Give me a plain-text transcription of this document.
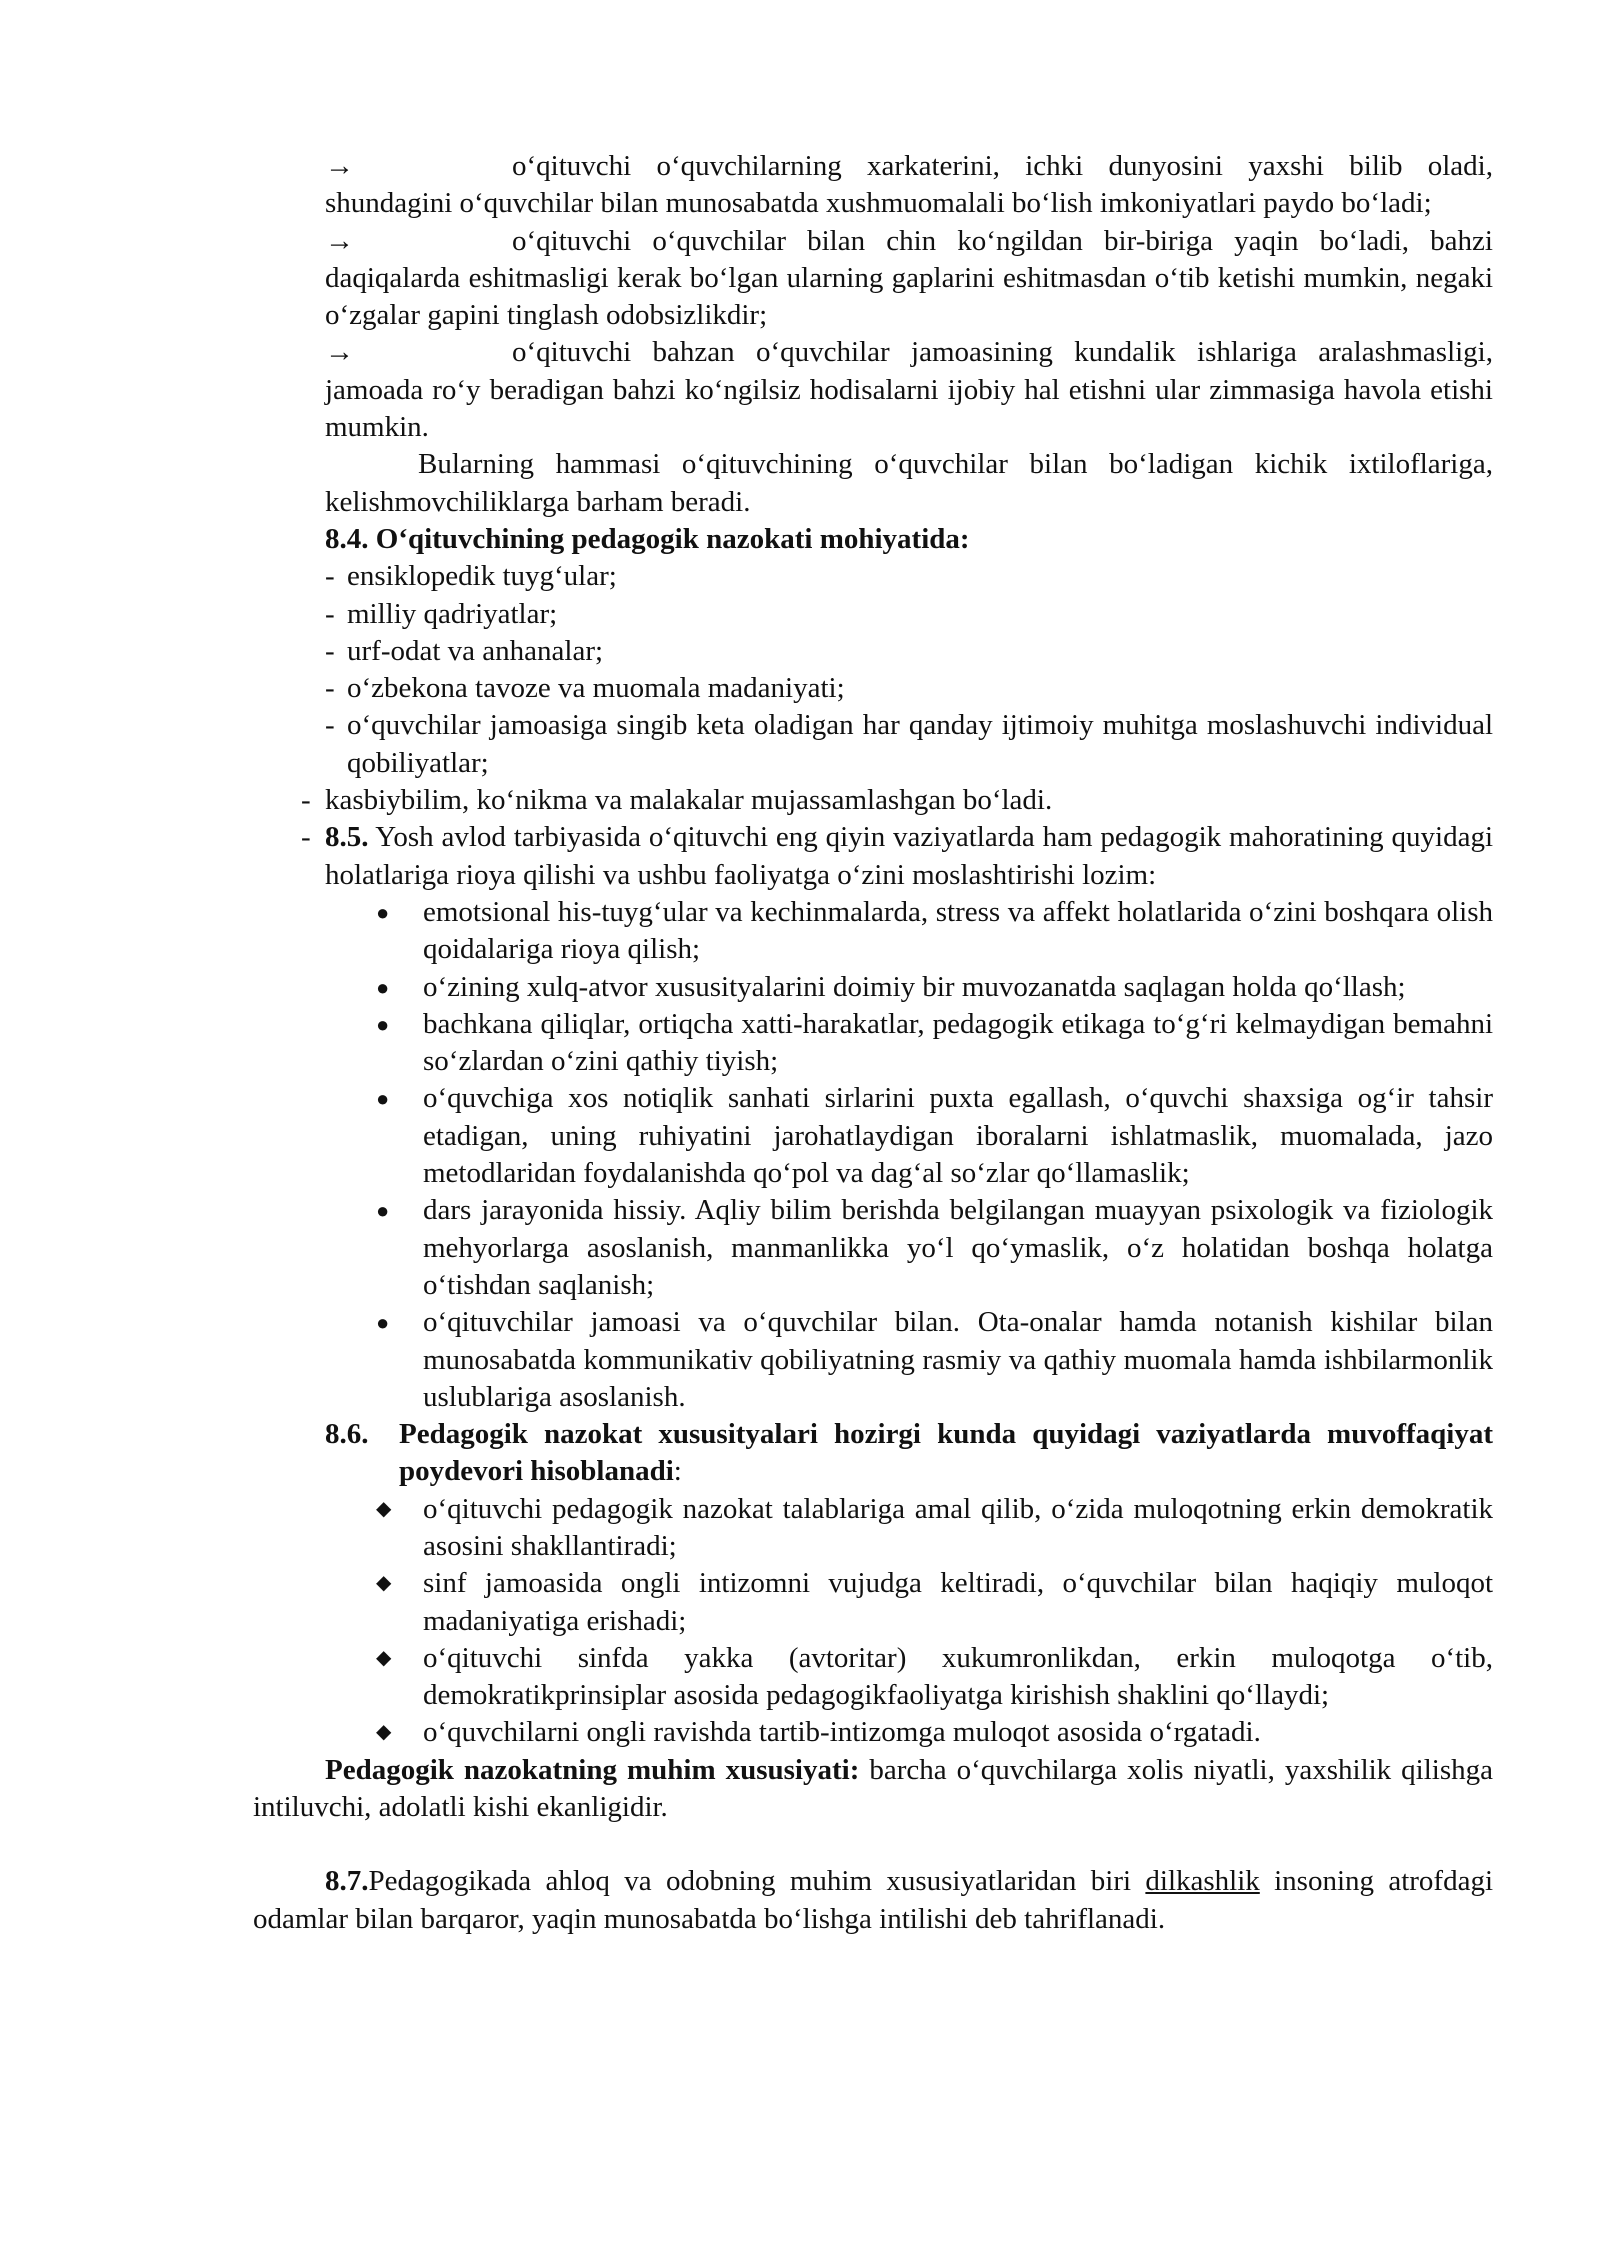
→	o‘qituvchi o‘quvchilarning xarkaterini, ichki dunyosini yaxshi bilib oladi, shundagini o‘quvchilar bilan munosabatda xushmuomalali bo‘lish imkoniyatlari paydo bo‘ladi;
→	o‘qituvchi o‘quvchilar bilan chin ko‘ngildan bir-biriga yaqin bo‘ladi, bahzi daqiqalarda eshitmasligi kerak bo‘lgan ularning gaplarini eshitmasdan o‘tib ketishi mumkin, negaki o‘zgalar gapini tinglash odobsizlikdir;
→	o‘qituvchi bahzan o‘quvchilar jamoasining kundalik ishlariga aralashmasligi, jamoada ro‘y beradigan bahzi ko‘ngilsiz hodisalarni ijobiy hal etishni ular zimmasiga havola etishi mumkin.

Bularning hammasi o‘qituvchining o‘quvchilar bilan bo‘ladigan kichik ixtiloflariga, kelishmovchiliklarga barham beradi.

8.4. O‘qituvchining pedagogik nazokati mohiyatida:

- ensiklopedik tuyg‘ular;
- milliy qadriyatlar;
- urf-odat va anhanalar;
- o‘zbekona tavoze va muomala madaniyati;
- o‘quvchilar jamoasiga singib keta oladigan har qanday ijtimoiy muhitga moslashuvchi individual qobiliyatlar;
- kasbiybilim, ko‘nikma va malakalar mujassamlashgan bo‘ladi.
- 8.5. Yosh avlod tarbiyasida o‘qituvchi eng qiyin vaziyatlarda ham pedagogik mahoratining quyidagi holatlariga rioya qilishi va ushbu faoliyatga o‘zini moslashtirishi lozim:
● emotsional his-tuyg‘ular va kechinmalarda, stress va affekt holatlarida o‘zini boshqara olish qoidalariga rioya qilish;
● o‘zining xulq-atvor xususityalarini doimiy bir muvozanatda saqlagan holda qo‘llash;
● bachkana qiliqlar, ortiqcha xatti-harakatlar, pedagogik etikaga to‘g‘ri kelmaydigan bemahni so‘zlardan o‘zini qathiy tiyish;
● o‘quvchiga xos notiqlik sanhati sirlarini puxta egallash, o‘quvchi shaxsiga og‘ir tahsir etadigan, uning ruhiyatini jarohatlaydigan iboralarni ishlatmaslik, muomalada, jazo metodlaridan foydalanishda qo‘pol va dag‘al so‘zlar qo‘llamaslik;
● dars jarayonida hissiy. Aqliy bilim berishda belgilangan muayyan psixologik va fiziologik mehyorlarga asoslanish, manmanlikka yo‘l qo‘ymaslik, o‘z holatidan boshqa holatga o‘tishdan saqlanish;
● o‘qituvchilar jamoasi va o‘quvchilar bilan. Ota-onalar hamda notanish kishilar bilan munosabatda kommunikativ qobiliyatning rasmiy va qathiy muomala hamda ishbilarmonlik uslublariga asoslanish.
8.6. Pedagogik nazokat xususityalari hozirgi kunda quyidagi vaziyatlarda muvoffaqiyat poydevori hisoblanadi:
◆ o‘qituvchi pedagogik nazokat talablariga amal qilib, o‘zida muloqotning erkin demokratik asosini shakllantiradi;
◆ sinf jamoasida ongli intizomni vujudga keltiradi, o‘quvchilar bilan haqiqiy muloqot madaniyatiga erishadi;
◆ o‘qituvchi sinfda yakka (avtoritar) xukumronlikdan, erkin muloqotga o‘tib, demokratikprinsiplar asosida pedagogikfaoliyatga kirishish shaklini qo‘llaydi;
◆ o‘quvchilarni ongli ravishda tartib-intizomga muloqot asosida o‘rgatadi.

Pedagogik nazokatning muhim xususiyati: barcha o‘quvchilarga xolis niyatli, yaxshilik qilishga intiluvchi, adolatli kishi ekanligidir.

8.7.Pedagogikada ahloq va odobning muhim xususiyatlaridan biri dilkashlik insoning atrofdagi odamlar bilan barqaror, yaqin munosabatda bo‘lishga intilishi deb tahriflanadi.
